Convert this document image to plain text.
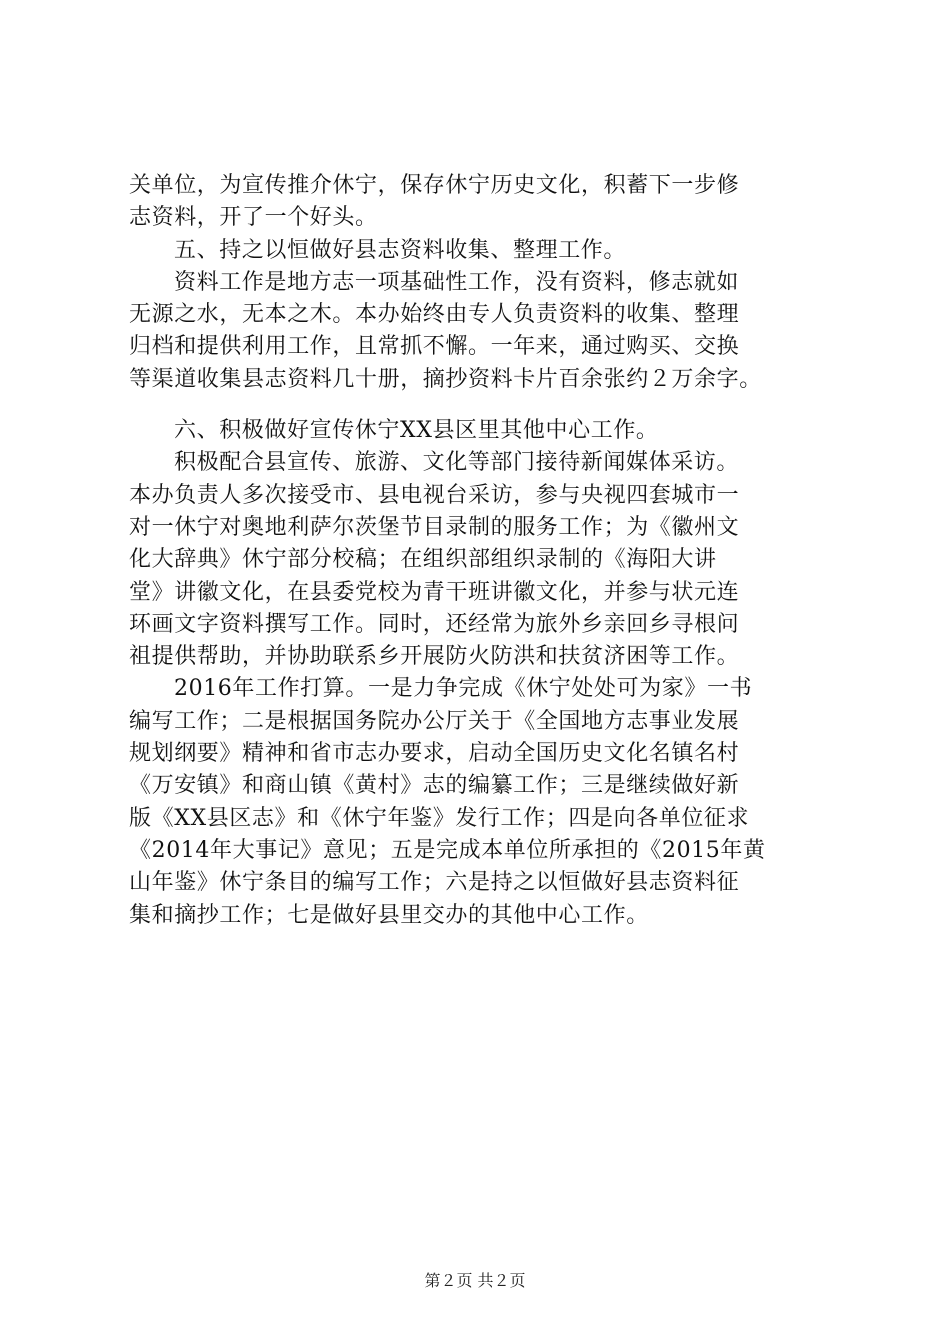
关单位，为宣传推介休宁，保存休宁历史文化，积蓄下一步修

志资料，开了一个好头。

五、持之以恒做好县志资料收集、整理工作。

资料工作是地方志一项基础性工作，没有资料，修志就如

无源之水，无本之木。本办始终由专人负责资料的收集、整理

归档和提供利用工作，且常抓不懈。一年来，通过购买、交换

等渠道收集县志资料几十册，摘抄资料卡片百余张约２万余字。

六、积极做好宣传休宁XX县区里其他中心工作。

积极配合县宣传、旅游、文化等部门接待新闻媒体采访。

本办负责人多次接受市、县电视台采访，参与央视四套城市一

对一休宁对奥地利萨尔茨堡节目录制的服务工作；为《徽州文

化大辞典》休宁部分校稿；在组织部组织录制的《海阳大讲

堂》讲徽文化，在县委党校为青干班讲徽文化，并参与状元连

环画文字资料撰写工作。同时，还经常为旅外乡亲回乡寻根问

祖提供帮助，并协助联系乡开展防火防洪和扶贫济困等工作。

2016年工作打算。一是力争完成《休宁处处可为家》一书

编写工作；二是根据国务院办公厅关于《全国地方志事业发展

规划纲要》精神和省市志办要求，启动全国历史文化名镇名村

《万安镇》和商山镇《黄村》志的编纂工作；三是继续做好新

版《XX县区志》和《休宁年鉴》发行工作；四是向各单位征求

《2014年大事记》意见；五是完成本单位所承担的《2015年黄

山年鉴》休宁条目的编写工作；六是持之以恒做好县志资料征

集和摘抄工作；七是做好县里交办的其他中心工作。

第２页 共２页
